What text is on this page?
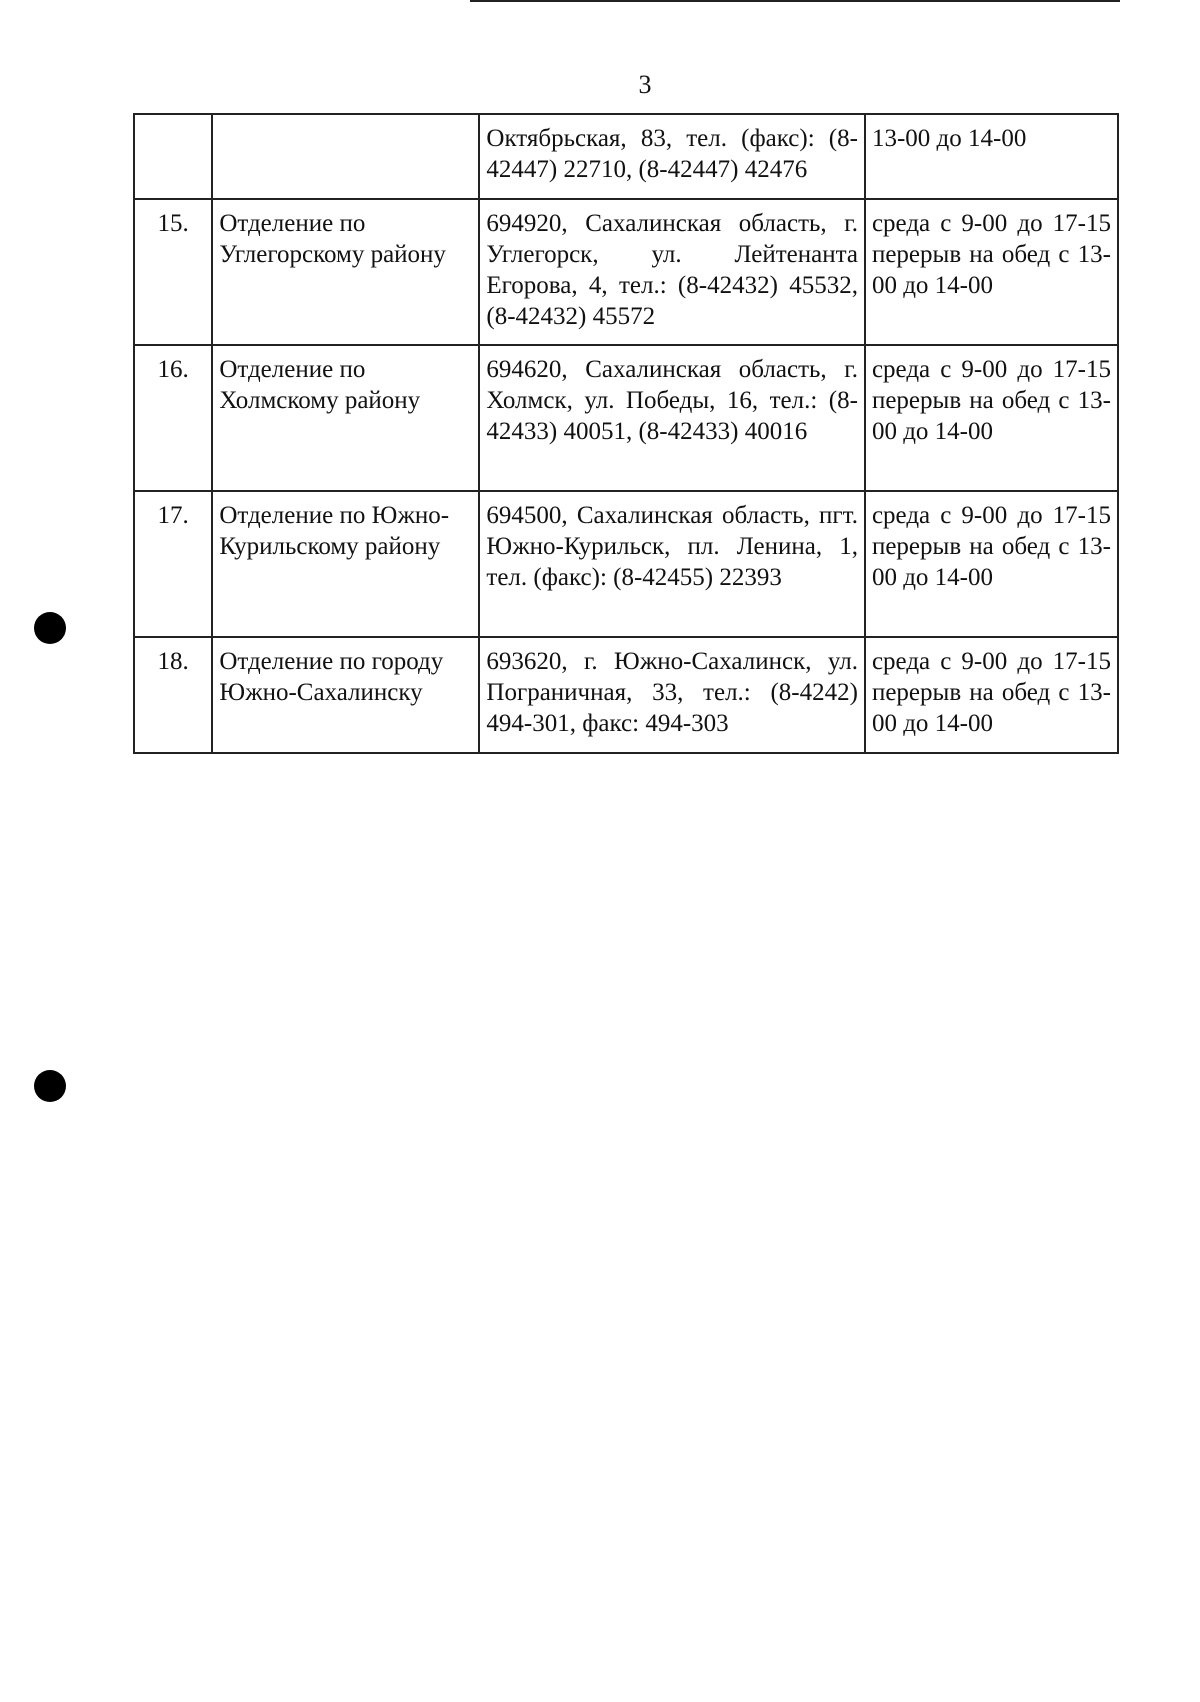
3
		Октябрьская, 83, тел. (факс): (8-42447) 22710, (8-42447) 42476	13-00 до 14-00
15.	Отделение по Углегорскому району	694920, Сахалинская область, г. Углегорск, ул. Лейтенанта Егорова, 4, тел.: (8-42432) 45532, (8-42432) 45572	среда с 9-00 до 17-15 перерыв на обед с 13-00 до 14-00
16.	Отделение по Холмскому району	694620, Сахалинская область, г. Холмск, ул. Победы, 16, тел.: (8-42433) 40051, (8-42433) 40016	среда с 9-00 до 17-15 перерыв на обед с 13-00 до 14-00
17.	Отделение по Южно-Курильскому району	694500, Сахалинская область, пгт. Южно-Курильск, пл. Ленина, 1, тел. (факс): (8-42455) 22393	среда с 9-00 до 17-15 перерыв на обед с 13-00 до 14-00
18.	Отделение по городу Южно-Сахалинску	693620, г. Южно-Сахалинск, ул. Пограничная, 33, тел.: (8-4242) 494-301, факс: 494-303	среда с 9-00 до 17-15 перерыв на обед с 13-00 до 14-00
